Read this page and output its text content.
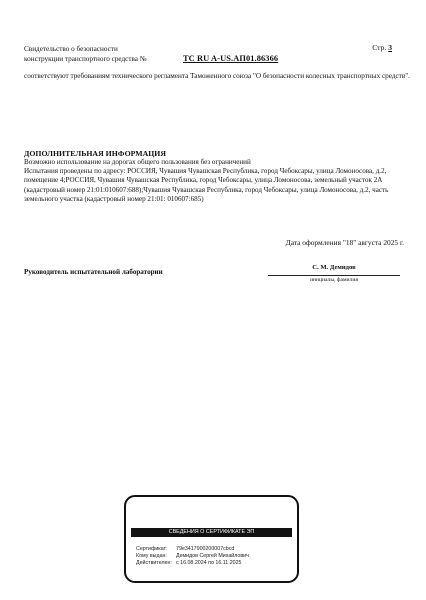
Свидетельство о безопасности
конструкции транспортного средства №	TC RU A-US.AП01.86366
Стр. 3
соответствуют требованиям технического регламента Таможенного союза "О безопасности колесных транспортных средств".
ДОПОЛНИТЕЛЬНАЯ ИНФОРМАЦИЯ
Возможно использование на дорогах общего пользования без ограничений
Испытания проведены по адресу: РОССИЯ, Чувашия Чувашская Республика, город Чебоксары, улица Ломоносова, д.2, помещение 4;РОССИЯ, Чувашия Чувашская Республика, город Чебоксары, улица Ломоносова, земельный участок 2А (кадастровый номер 21:01:010607:688);Чувашия Чувашская Республика, город Чебоксары, улица Ломоносова, д.2, часть земельного участка (кадастровый номер 21:01: 010607:685)
Дата оформления "18" августа 2025 г.
Руководитель испытательной лаборатории
С. М. Демидов
инициалы, фамилия
СВЕДЕНИЯ О СЕРТИФИКАТЕ ЭП
Сертификат:	79е3417900200007cbcd
Кому выдан:	Демидов Сергей Михайлович
Действителен: с 16.08.2024 по 16.11.2025
